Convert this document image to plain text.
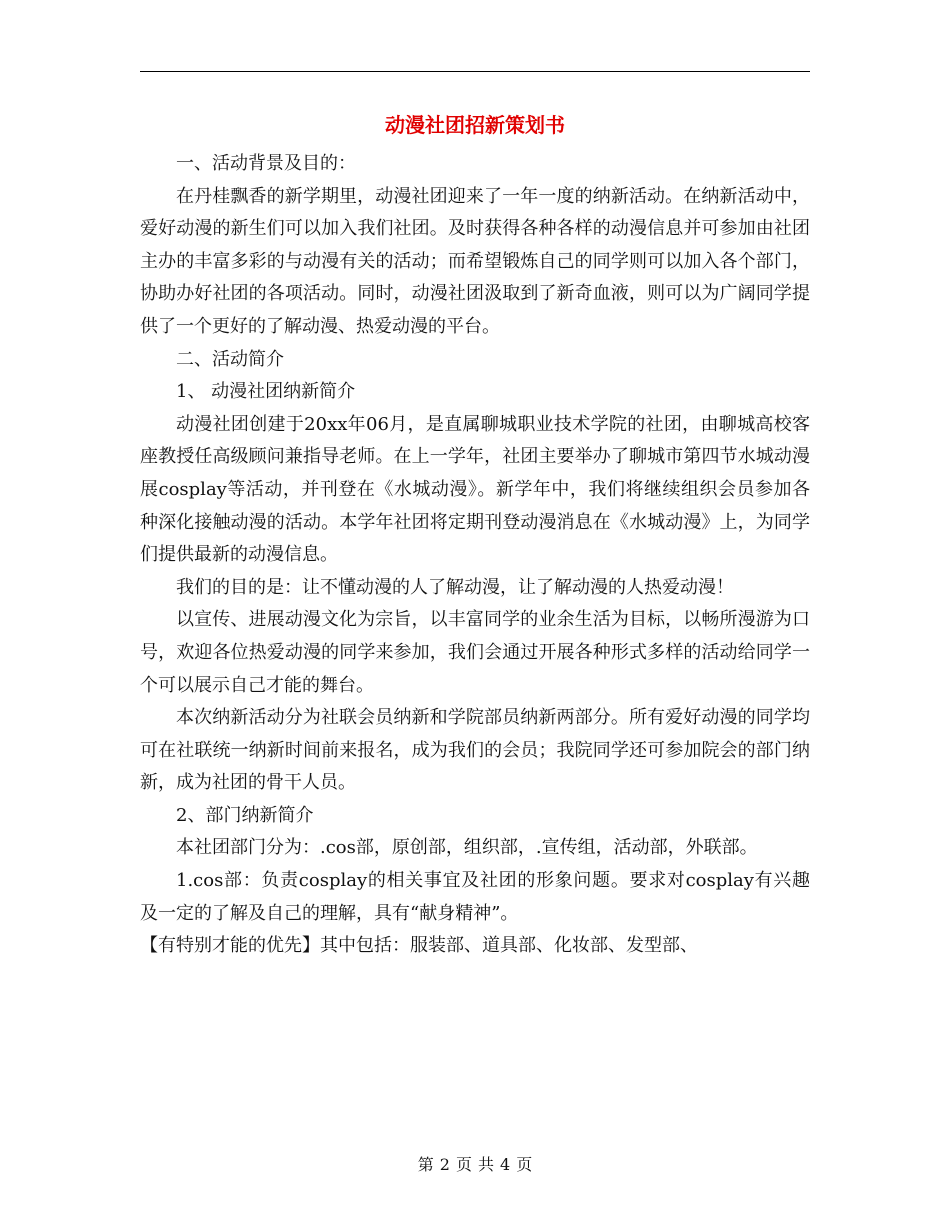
动漫社团招新策划书

一、活动背景及目的：

在丹桂飘香的新学期里，动漫社团迎来了一年一度的纳新活动。在纳新活动中，爱好动漫的新生们可以加入我们社团。及时获得各种各样的动漫信息并可参加由社团主办的丰富多彩的与动漫有关的活动；而希望锻炼自己的同学则可以加入各个部门，协助办好社团的各项活动。同时，动漫社团汲取到了新奇血液，则可以为广阔同学提供了一个更好的了解动漫、热爱动漫的平台。

二、活动简介

1、 动漫社团纳新简介

动漫社团创建于20xx年06月，是直属聊城职业技术学院的社团，由聊城高校客座教授任高级顾问兼指导老师。在上一学年，社团主要举办了聊城市第四节水城动漫展cosplay等活动，并刊登在《水城动漫》。新学年中，我们将继续组织会员参加各种深化接触动漫的活动。本学年社团将定期刊登动漫消息在《水城动漫》上，为同学们提供最新的动漫信息。

我们的目的是：让不懂动漫的人了解动漫，让了解动漫的人热爱动漫！

以宣传、进展动漫文化为宗旨，以丰富同学的业余生活为目标，以畅所漫游为口号，欢迎各位热爱动漫的同学来参加，我们会通过开展各种形式多样的活动给同学一个可以展示自己才能的舞台。

本次纳新活动分为社联会员纳新和学院部员纳新两部分。所有爱好动漫的同学均可在社联统一纳新时间前来报名，成为我们的会员；我院同学还可参加院会的部门纳新，成为社团的骨干人员。

2、部门纳新简介

本社团部门分为：.cos部，原创部，组织部，.宣传组，活动部，外联部。

1.cos部：负责cosplay的相关事宜及社团的形象问题。要求对cosplay有兴趣 及一定的了解及自己的理解，具有“献身精神”。

【有特别才能的优先】其中包括：服装部、道具部、化妆部、发型部、

第 2 页 共 4 页
